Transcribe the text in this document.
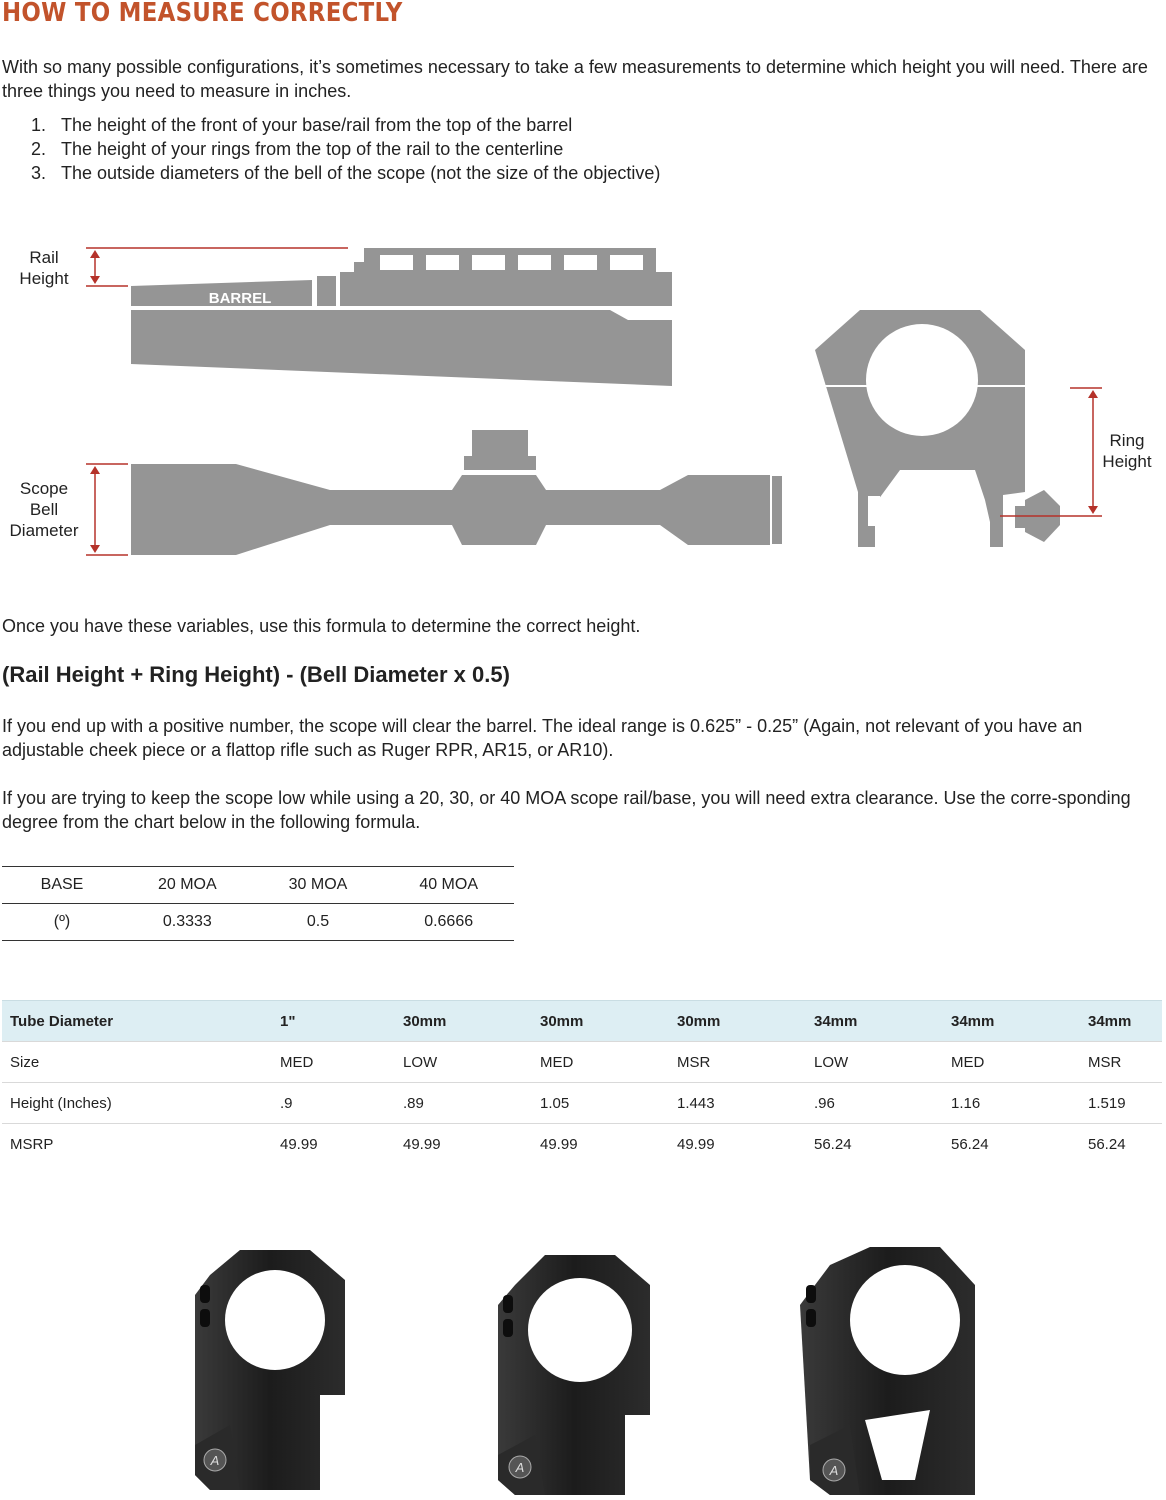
HOW TO MEASURE CORRECTLY

With so many possible configurations, it’s sometimes necessary to take a few measurements to determine which height you will need. There are three things you need to measure in inches.

1. The height of the front of your base/rail from the top of the barrel
2. The height of your rings from the top of the rail to the centerline
3. The outside diameters of the bell of the scope (not the size of the objective)
BARREL
Rail
Height
Scope
Bell
Diameter
Ring
Height

Once you have these variables, use this formula to determine the correct height.

(Rail Height + Ring Height) - (Bell Diameter x 0.5)

If you end up with a positive number, the scope will clear the barrel. The ideal range is 0.625” - 0.25” (Again, not relevant of you have an adjustable cheek piece or a flattop rifle such as Ruger RPR, AR15, or AR10).

If you are trying to keep the scope low while using a 20, 30, or 40 MOA scope rail/base, you will need extra clearance. Use the corre-sponding degree from the chart below in the following formula.

BASE	20 MOA	30 MOA	40 MOA
(º)	0.3333	0.5	0.6666
Tube Diameter	1"	30mm	30mm	30mm	34mm	34mm	34mm
Size	MED	LOW	MED	MSR	LOW	MED	MSR
Height (Inches)	.9	.89	1.05	1.443	.96	1.16	1.519
MSRP	49.99	49.99	49.99	49.99	56.24	56.24	56.24
A	A	A
